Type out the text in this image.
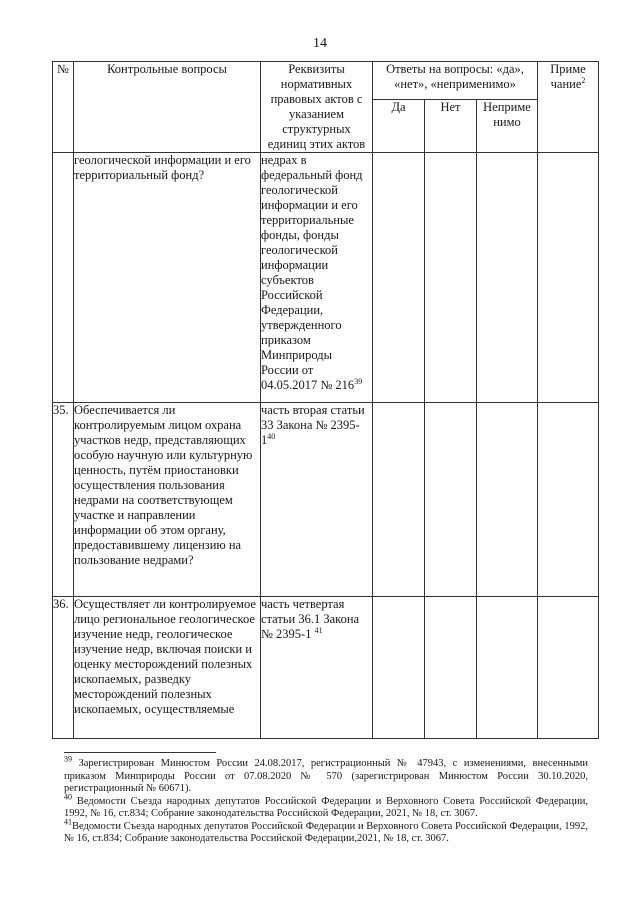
14
№	Контрольные вопросы	Реквизиты нормативных правовых актов с указанием структурных единиц этих актов	Ответы на вопросы: «да», «нет», «неприменимо»			Приме чание$^2$

Да	Нет	Неприме нимо	

	геологической информации и его территориальный фонд?	недрах в федеральный фонд геологической информации и его территориальные фонды, фонды геологической информации субъектов Российской Федерации, утвержденного приказом Минприроды России от 04.05.2017 № $216^{39}$				
35.	Обеспечивается ли контролируемым лицом охрана участков недр, представляющих особую научную или культурную ценность, путём приостановки осуществления пользования недрами на соответствующем участке и направлении информации об этом органу, предоставившему лицензию на пользование недрами?	часть вторая статьи 33 Закона № $2395-1^{40}$				
36.	Осуществляет ли контролируемое лицо региональное геологическое изучение недр, геологическое изучение недр, включая поиски и оценку месторождений полезных ископаемых, разведку месторождений полезных ископаемых, осуществляемые	часть четвертая статьи 36.1 Закона № 2395-1 $^{41}$				

$^{39}$ Зарегистрирован Минюстом России 24.08.2017, регистрационный № 47943, с изменениями, внесенными приказом Минприроды России от 07.08.2020 № 570 (зарегистрирован Минюстом России 30.10.2020, регистрационный № 60671).

$^{40}$ Ведомости Съезда народных депутатов Российской Федерации и Верховного Совета Российской Федерации, 1992, № 16, ст.834; Собрание законодательства Российской Федерации, 2021, № 18, ст. 3067.

$^{41}$Ведомости Съезда народных депутатов Российской Федерации и Верховного Совета Российской Федерации, 1992, № 16, ст.834; Собрание законодательства Российской Федерации,2021, № 18, ст. 3067.
